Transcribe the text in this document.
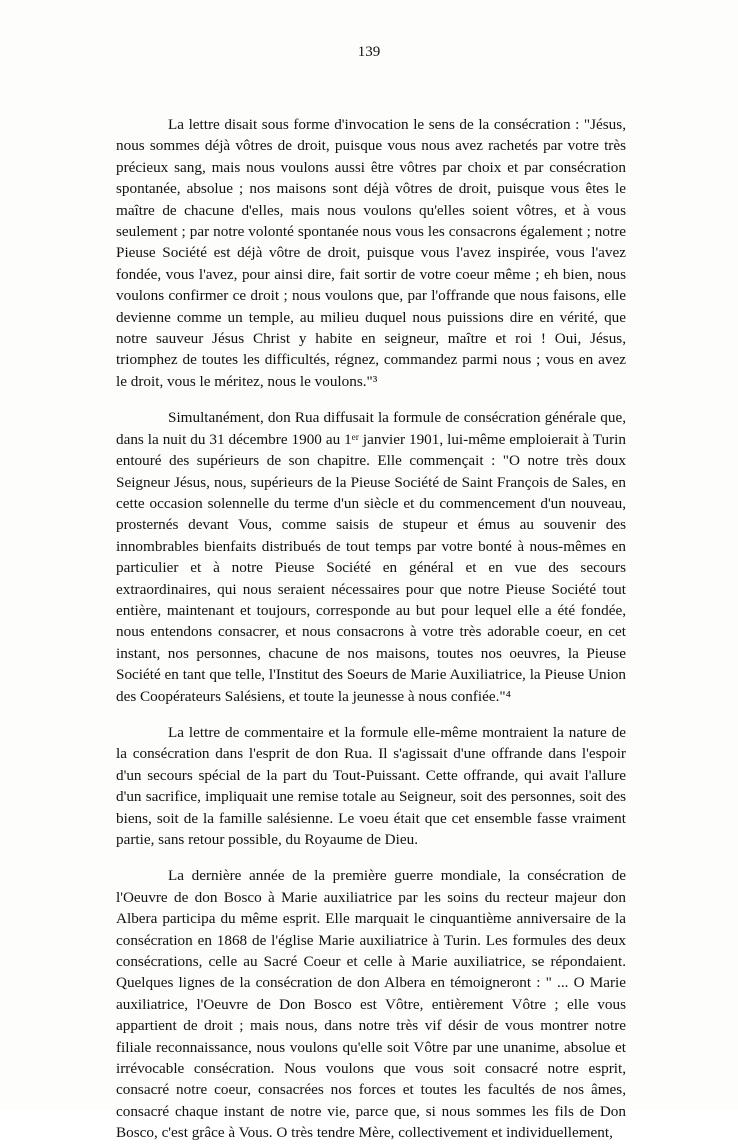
139

La lettre disait sous forme d'invocation le sens de la consécration : "Jésus, nous sommes déjà vôtres de droit, puisque vous nous avez rachetés par votre très précieux sang, mais nous voulons aussi être vôtres par choix et par consécration spontanée, absolue ; nos maisons sont déjà vôtres de droit, puisque vous êtes le maître de chacune d'elles, mais nous voulons qu'elles soient vôtres, et à vous seulement ; par notre volonté spontanée nous vous les consacrons également ; notre Pieuse Société est déjà vôtre de droit, puisque vous l'avez inspirée, vous l'avez fondée, vous l'avez, pour ainsi dire, fait sortir de votre coeur même ; eh bien, nous voulons confirmer ce droit ; nous voulons que, par l'offrande que nous faisons, elle devienne comme un temple, au milieu duquel nous puissions dire en vérité, que notre sauveur Jésus Christ y habite en seigneur, maître et roi ! Oui, Jésus, triomphez de toutes les difficultés, régnez, commandez parmi nous ; vous en avez le droit, vous le méritez, nous le voulons."³

Simultanément, don Rua diffusait la formule de consécration générale que, dans la nuit du 31 décembre 1900 au 1ᵉʳ janvier 1901, lui-même emploierait à Turin entouré des supérieurs de son chapitre. Elle commençait : "O notre très doux Seigneur Jésus, nous, supérieurs de la Pieuse Société de Saint François de Sales, en cette occasion solennelle du terme d'un siècle et du commencement d'un nouveau, prosternés devant Vous, comme saisis de stupeur et émus au souvenir des innombrables bienfaits distribués de tout temps par votre bonté à nous-mêmes en particulier et à notre Pieuse Société en général et en vue des secours extraordinaires, qui nous seraient nécessaires pour que notre Pieuse Société tout entière, maintenant et toujours, corresponde au but pour lequel elle a été fondée, nous entendons consacrer, et nous consacrons à votre très adorable coeur, en cet instant, nos personnes, chacune de nos maisons, toutes nos oeuvres, la Pieuse Société en tant que telle, l'Institut des Soeurs de Marie Auxiliatrice, la Pieuse Union des Coopérateurs Salésiens, et toute la jeunesse à nous confiée."⁴

La lettre de commentaire et la formule elle-même montraient la nature de la consécration dans l'esprit de don Rua. Il s'agissait d'une offrande dans l'espoir d'un secours spécial de la part du Tout-Puissant. Cette offrande, qui avait l'allure d'un sacrifice, impliquait une remise totale au Seigneur, soit des personnes, soit des biens, soit de la famille salésienne. Le voeu était que cet ensemble fasse vraiment partie, sans retour possible, du Royaume de Dieu.

La dernière année de la première guerre mondiale, la consécration de l'Oeuvre de don Bosco à Marie auxiliatrice par les soins du recteur majeur don Albera participa du même esprit. Elle marquait le cinquantième anniversaire de la consécration en 1868 de l'église Marie auxiliatrice à Turin. Les formules des deux consécrations, celle au Sacré Coeur et celle à Marie auxiliatrice, se répondaient. Quelques lignes de la consécration de don Albera en témoigneront : " ... O Marie auxiliatrice, l'Oeuvre de Don Bosco est Vôtre, entièrement Vôtre ; elle vous appartient de droit ; mais nous, dans notre très vif désir de vous montrer notre filiale reconnaissance, nous voulons qu'elle soit Vôtre par une unanime, absolue et irrévocable consécration. Nous voulons que vous soit consacré notre esprit, consacré notre coeur, consacrées nos forces et toutes les facultés de nos âmes, consacré chaque instant de notre vie, parce que, si nous sommes les fils de Don Bosco, c'est grâce à Vous. O très tendre Mère, collectivement et individuellement,
